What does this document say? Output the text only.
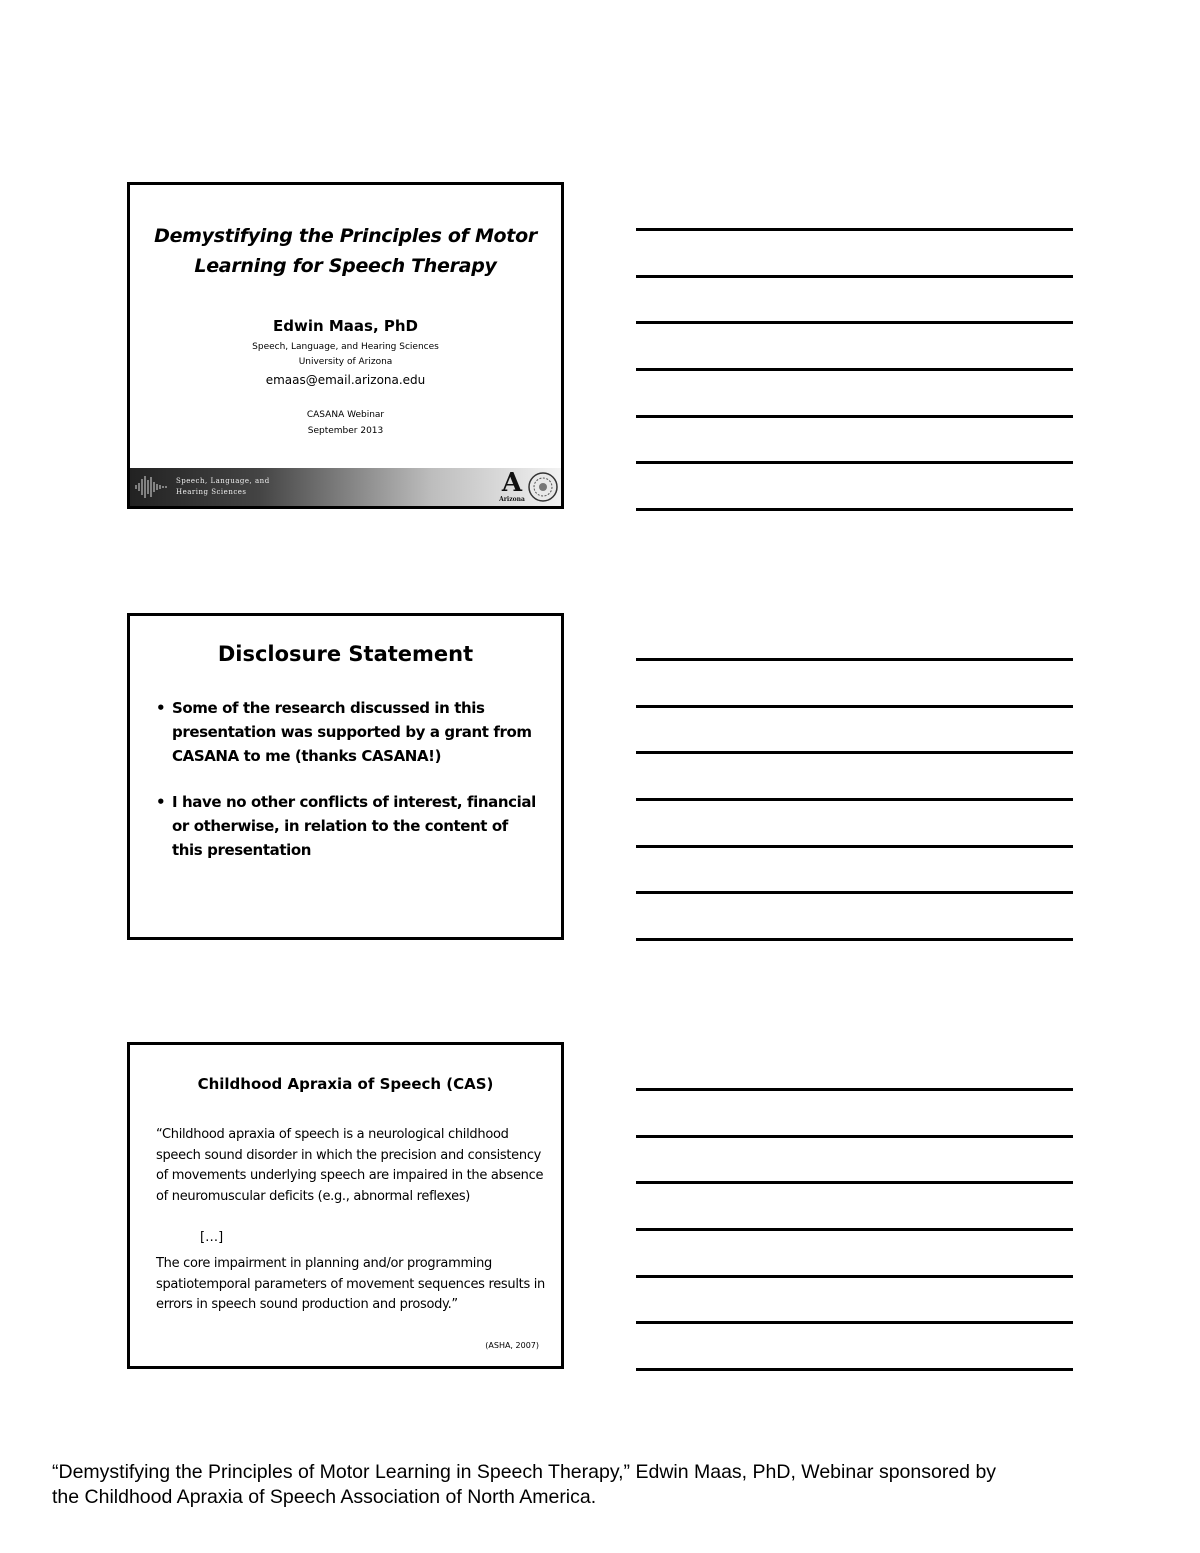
Demystifying the Principles of Motor
Learning for Speech Therapy
Edwin Maas, PhD
Speech, Language, and Hearing Sciences
University of Arizona
emaas@email.arizona.edu
CASANA Webinar
September 2013
Speech, Language, and
Hearing Sciences	A
Arizona
Disclosure Statement
• Some of the research discussed in this presentation was supported by a grant from CASANA to me (thanks CASANA!)
• I have no other conflicts of interest, financial or otherwise, in relation to the content of this presentation
Childhood Apraxia of Speech (CAS)
“Childhood apraxia of speech is a neurological childhood speech sound disorder in which the precision and consistency of movements underlying speech are impaired in the absence of neuromuscular deficits (e.g., abnormal reflexes)
[…]
The core impairment in planning and/or programming spatiotemporal parameters of movement sequences results in errors in speech sound production and prosody.”
(ASHA, 2007)
“Demystifying the Principles of Motor Learning in Speech Therapy,” Edwin Maas, PhD, Webinar sponsored by the Childhood Apraxia of Speech Association of North America.
